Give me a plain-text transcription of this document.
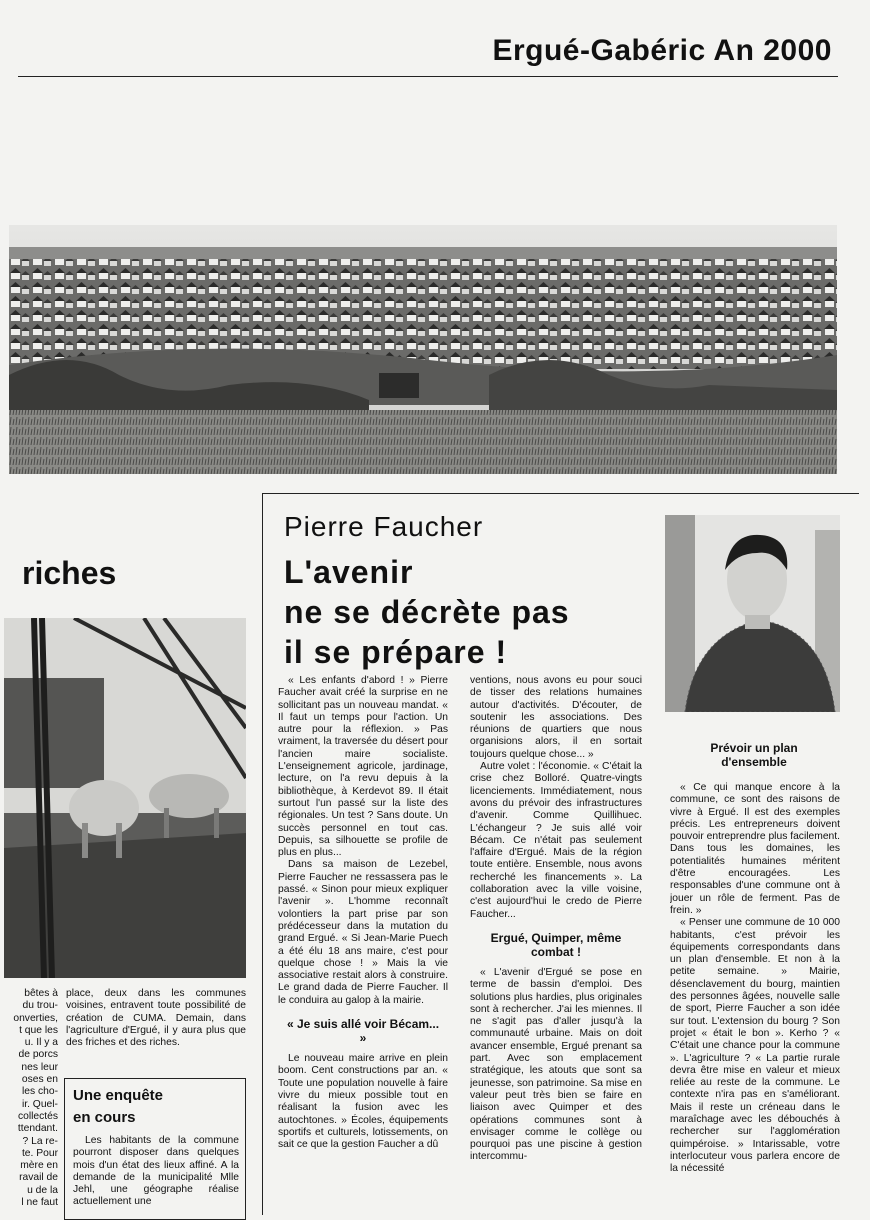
Ergué-Gabéric An 2000
riches
bêtes à
du trou-
onverties,
t que les
u. Il y a
de porcs
nes leur
oses en
les cho-
ir. Quel-
collectés
ttendant.
? La re-
te. Pour
mère en
ravail de
u de la
l ne faut
place, deux dans les communes voisines, entravent toute possibilité de création de CUMA. Demain, dans l'agriculture d'Ergué, il y aura plus que des friches et des riches.
Une enquête
en cours
Les habitants de la commune pourront disposer dans quelques mois d'un état des lieux affiné. A la demande de la municipalité Mlle Jehl, une géographe réalise actuellement une
Pierre Faucher
L'avenir
ne se décrète pas
il se prépare !

« Les enfants d'abord ! » Pierre Faucher avait créé la surprise en ne sollicitant pas un nouveau mandat. « Il faut un temps pour l'action. Un autre pour la réflexion. » Pas vraiment, la traversée du désert pour l'ancien maire socialiste. L'enseignement agricole, jardinage, lecture, on l'a revu depuis à la bibliothèque, à Kerdevot 89. Il était surtout l'un passé sur la liste des régionales. Un test ? Sans doute. Un succès personnel en tout cas. Depuis, sa silhouette se profile de plus en plus...

Dans sa maison de Lezebel, Pierre Faucher ne ressassera pas le passé. « Sinon pour mieux expliquer l'avenir ». L'homme reconnaît volontiers la part prise par son prédécesseur dans la mutation du grand Ergué. « Si Jean-Marie Puech a été élu 18 ans maire, c'est pour quelque chose ! » Mais la vie associative restait alors à construire. Le grand dada de Pierre Faucher. Il le conduira au galop à la mairie.

« Je suis allé voir Bécam... »

Le nouveau maire arrive en plein boom. Cent constructions par an. « Toute une population nouvelle à faire vivre du mieux possible tout en réalisant la fusion avec les autochtones. » Écoles, équipements sportifs et culturels, lotissements, on sait ce que la gestion Faucher a dû

ventions, nous avons eu pour souci de tisser des relations humaines autour d'activités. D'écouter, de soutenir les associations. Des réunions de quartiers que nous organisions alors, il en sortait toujours quelque chose... »

Autre volet : l'économie. « C'était la crise chez Bolloré. Quatre-vingts licenciements. Immédiatement, nous avons du prévoir des infrastructures d'avenir. Comme Quillihuec. L'échangeur ? Je suis allé voir Bécam. Ce n'était pas seulement l'affaire d'Ergué. Mais de la région toute entière. Ensemble, nous avons recherché les financements ». La collaboration avec la ville voisine, c'est aujourd'hui le credo de Pierre Faucher...

Ergué, Quimper, même combat !

« L'avenir d'Ergué se pose en terme de bassin d'emploi. Des solutions plus hardies, plus originales sont à rechercher. J'ai les miennes. Il ne s'agit pas d'aller jusqu'à la communauté urbaine. Mais on doit avancer ensemble, Ergué prenant sa part. Avec son emplacement stratégique, les atouts que sont sa jeunesse, son patrimoine. Sa mise en valeur peut très bien se faire en liaison avec Quimper et des opérations communes sont à envisager comme le collège ou pourquoi pas une piscine à gestion intercommu-

Prévoir un plan d'ensemble

« Ce qui manque encore à la commune, ce sont des raisons de vivre à Ergué. Il est des exemples précis. Les entrepreneurs doivent pouvoir entreprendre plus facilement. Dans tous les domaines, les potentialités humaines méritent d'être encouragées. Les responsables d'une commune ont à jouer un rôle de ferment. Pas de frein. »

« Penser une commune de 10 000 habitants, c'est prévoir les équipements correspondants dans un plan d'ensemble. Et non à la petite semaine. » Mairie, désenclavement du bourg, maintien des personnes âgées, nouvelle salle de sport, Pierre Faucher a son idée sur tout. L'extension du bourg ? Son projet « était le bon ». Kerho ? « C'était une chance pour la commune ». L'agriculture ? « La partie rurale devra être mise en valeur et mieux reliée au reste de la commune. Le contexte n'ira pas en s'améliorant. Mais il reste un créneau dans le maraîchage avec les débouchés à rechercher sur l'agglomération quimpéroise. » Intarissable, votre interlocuteur vous parlera encore de la nécessité
